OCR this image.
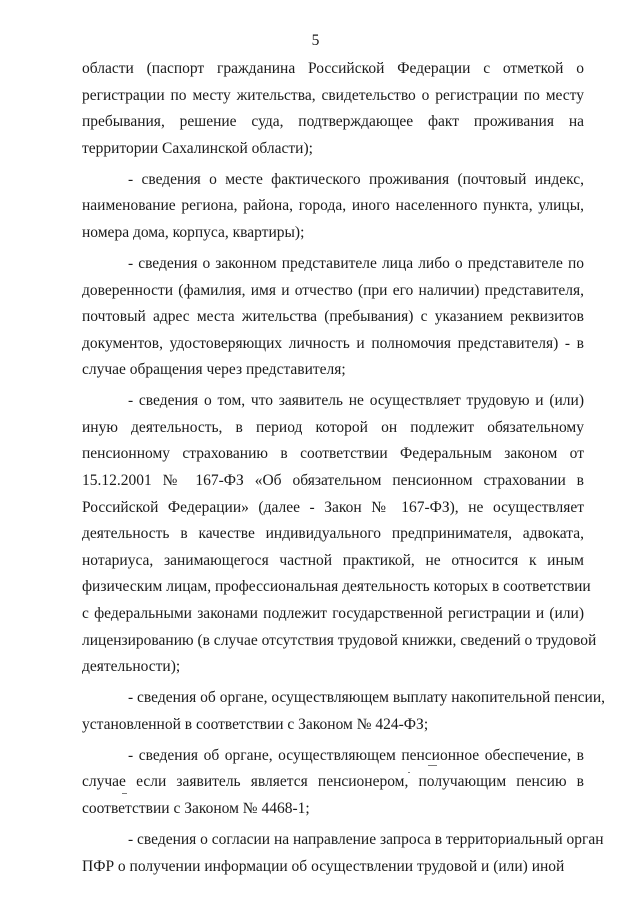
5
области (паспорт гражданина Российской Федерации с отметкой о
регистрации по месту жительства, свидетельство о регистрации по месту
пребывания, решение суда, подтверждающее факт проживания на
территории Сахалинской области);
- сведения о месте фактического проживания (почтовый индекс,
наименование региона, района, города, иного населенного пункта, улицы,
номера дома, корпуса, квартиры);
- сведения о законном представителе лица либо о представителе по
доверенности (фамилия, имя и отчество (при его наличии) представителя,
почтовый адрес места жительства (пребывания) с указанием реквизитов
документов, удостоверяющих личность и полномочия представителя) - в
случае обращения через представителя;
- сведения о том, что заявитель не осуществляет трудовую и (или)
иную деятельность, в период которой он подлежит обязательному
пенсионному страхованию в соответствии Федеральным законом от
15.12.2001 № 167-ФЗ «Об обязательном пенсионном страховании в
Российской Федерации» (далее - Закон № 167-ФЗ), не осуществляет
деятельность в качестве индивидуального предпринимателя, адвоката,
нотариуса, занимающегося частной практикой, не относится к иным
физическим лицам, профессиональная деятельность которых в соответствии
с федеральными законами подлежит государственной регистрации и (или)
лицензированию (в случае отсутствия трудовой книжки, сведений о трудовой
деятельности);
- сведения об органе, осуществляющем выплату накопительной пенсии,
установленной в соответствии с Законом № 424-ФЗ;
- сведения об органе, осуществляющем пенсионное обеспечение, в
случае если заявитель является пенсионером, получающим пенсию в
соответствии с Законом № 4468-1;
- сведения о согласии на направление запроса в территориальный орган
ПФР о получении информации об осуществлении трудовой и (или) иной
